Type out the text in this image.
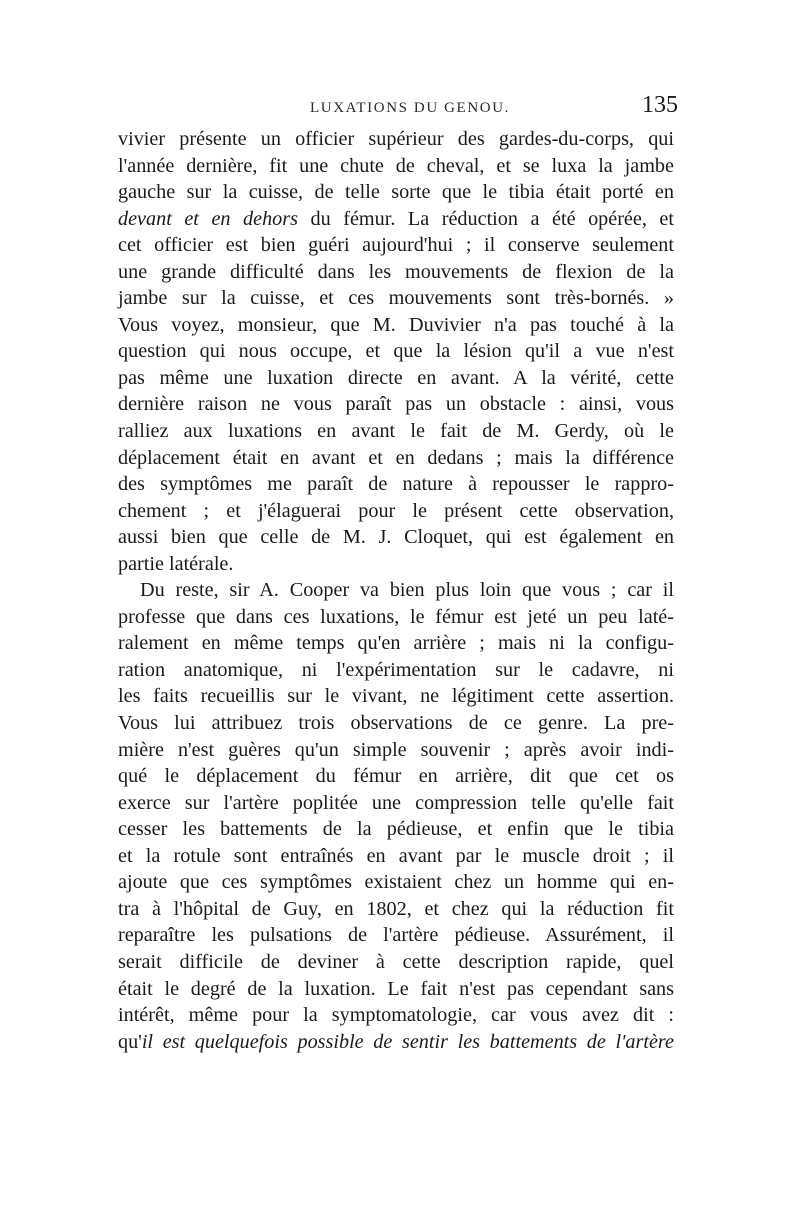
LUXATIONS DU GENOU.	135
vivier présente un officier supérieur des gardes-du-corps, qui
l'année dernière, fit une chute de cheval, et se luxa la jambe
gauche sur la cuisse, de telle sorte que le tibia était porté en
devant et en dehors du fémur. La réduction a été opérée, et
cet officier est bien guéri aujourd'hui ; il conserve seulement
une grande difficulté dans les mouvements de flexion de la
jambe sur la cuisse, et ces mouvements sont très-bornés. »
Vous voyez, monsieur, que M. Duvivier n'a pas touché à la
question qui nous occupe, et que la lésion qu'il a vue n'est
pas même une luxation directe en avant. A la vérité, cette
dernière raison ne vous paraît pas un obstacle : ainsi, vous
ralliez aux luxations en avant le fait de M. Gerdy, où le
déplacement était en avant et en dedans ; mais la différence
des symptômes me paraît de nature à repousser le rappro-
chement ; et j'élaguerai pour le présent cette observation,
aussi bien que celle de M. J. Cloquet, qui est également en
partie latérale.
Du reste, sir A. Cooper va bien plus loin que vous ; car il
professe que dans ces luxations, le fémur est jeté un peu laté-
ralement en même temps qu'en arrière ; mais ni la configu-
ration anatomique, ni l'expérimentation sur le cadavre, ni
les faits recueillis sur le vivant, ne légitiment cette assertion.
Vous lui attribuez trois observations de ce genre. La pre-
mière n'est guères qu'un simple souvenir ; après avoir indi-
qué le déplacement du fémur en arrière, dit que cet os
exerce sur l'artère poplitée une compression telle qu'elle fait
cesser les battements de la pédieuse, et enfin que le tibia
et la rotule sont entraînés en avant par le muscle droit ; il
ajoute que ces symptômes existaient chez un homme qui en-
tra à l'hôpital de Guy, en 1802, et chez qui la réduction fit
reparaître les pulsations de l'artère pédieuse. Assurément, il
serait difficile de deviner à cette description rapide, quel
était le degré de la luxation. Le fait n'est pas cependant sans
intérêt, même pour la symptomatologie, car vous avez dit :
qu'il est quelquefois possible de sentir les battements de l'artère
